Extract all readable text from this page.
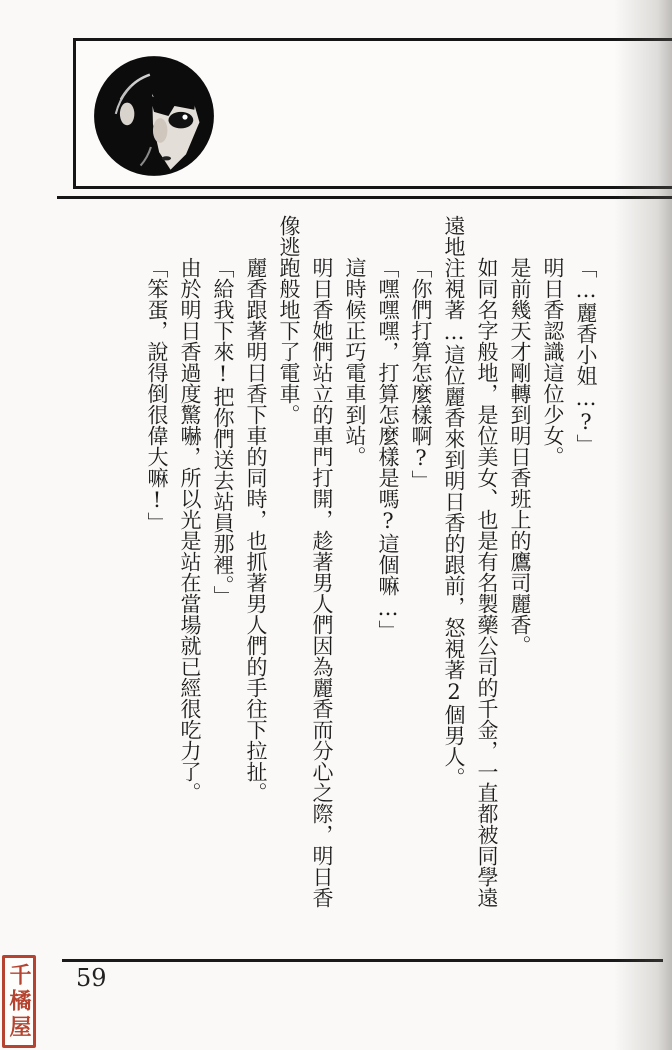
「…麗香小姐…?」

明日香認識這位少女。

是前幾天才剛轉到明日香班上的鷹司麗香。

如同名字般地，是位美女、也是有名製藥公司的千金，一直都被同學遠遠地注視著…這位麗香來到明日香的跟前，怒視著2個男人。

「你們打算怎麼樣啊?」

「嘿嘿嘿，打算怎麼樣是嗎?這個嘛…」

這時候正巧電車到站。

明日香她們站立的車門打開，趁著男人們因為麗香而分心之際，明日香像逃跑般地下了電車。

麗香跟著明日香下車的同時，也抓著男人們的手往下拉扯。

「給我下來!把你們送去站員那裡。」

由於明日香過度驚嚇，所以光是站在當場就已經很吃力了。

「笨蛋，說得倒很偉大嘛!」

59
千橘屋
